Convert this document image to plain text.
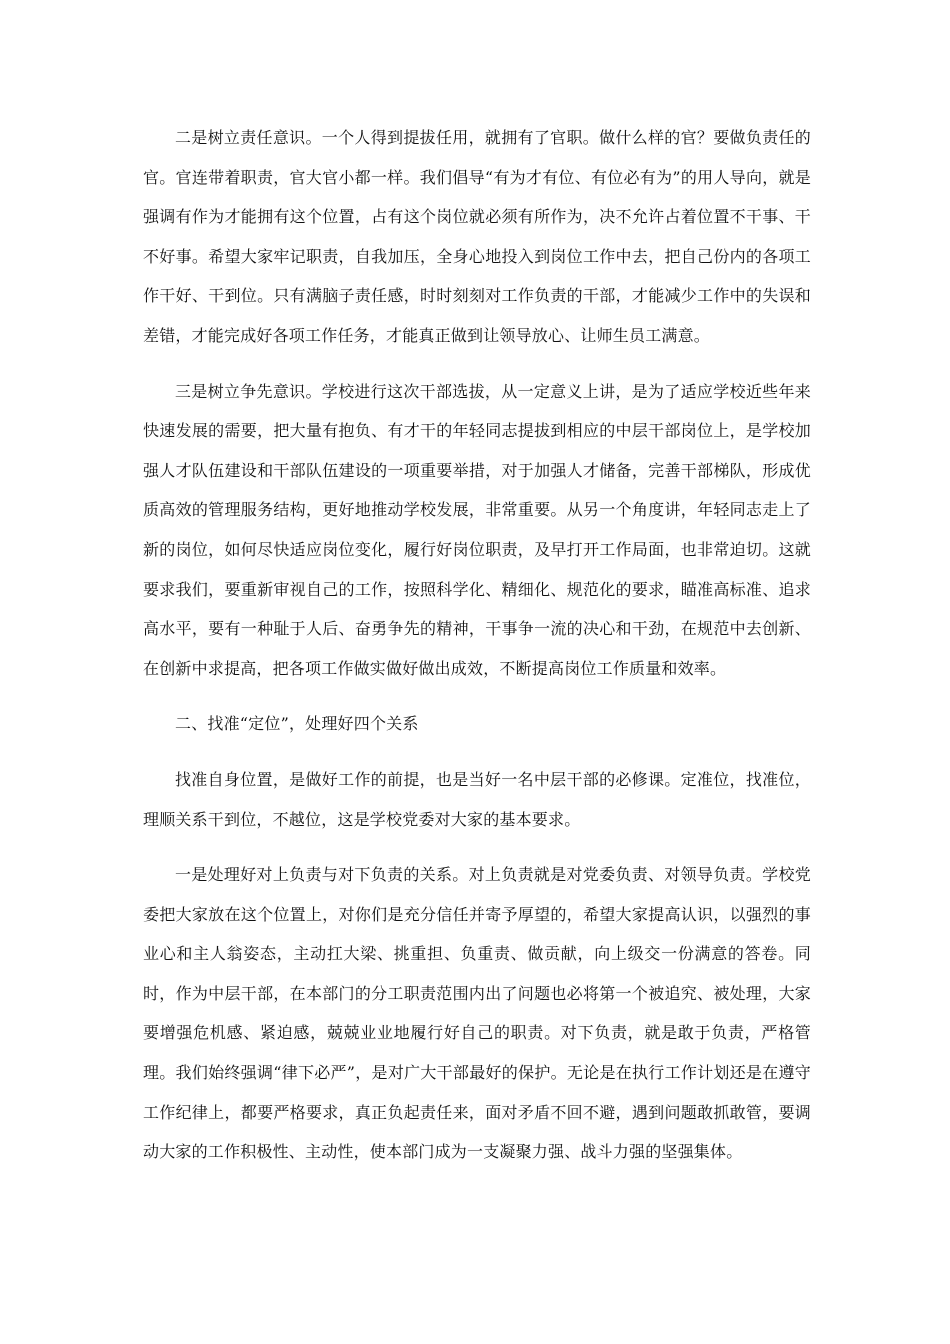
二是树立责任意识。一个人得到提拔任用，就拥有了官职。做什么样的官？要做负责任的官。官连带着职责，官大官小都一样。我们倡导“有为才有位、有位必有为”的用人导向，就是强调有作为才能拥有这个位置，占有这个岗位就必须有所作为，决不允许占着位置不干事、干不好事。希望大家牢记职责，自我加压，全身心地投入到岗位工作中去，把自己份内的各项工作干好、干到位。只有满脑子责任感，时时刻刻对工作负责的干部，才能减少工作中的失误和差错，才能完成好各项工作任务，才能真正做到让领导放心、让师生员工满意。

三是树立争先意识。学校进行这次干部选拔，从一定意义上讲，是为了适应学校近些年来快速发展的需要，把大量有抱负、有才干的年轻同志提拔到相应的中层干部岗位上，是学校加强人才队伍建设和干部队伍建设的一项重要举措，对于加强人才储备，完善干部梯队，形成优质高效的管理服务结构，更好地推动学校发展，非常重要。从另一个角度讲，年轻同志走上了新的岗位，如何尽快适应岗位变化，履行好岗位职责，及早打开工作局面，也非常迫切。这就要求我们，要重新审视自己的工作，按照科学化、精细化、规范化的要求，瞄准高标准、追求高水平，要有一种耻于人后、奋勇争先的精神，干事争一流的决心和干劲，在规范中去创新、在创新中求提高，把各项工作做实做好做出成效，不断提高岗位工作质量和效率。

二、找准“定位”，处理好四个关系

找准自身位置，是做好工作的前提，也是当好一名中层干部的必修课。定准位，找准位，理顺关系干到位，不越位，这是学校党委对大家的基本要求。

一是处理好对上负责与对下负责的关系。对上负责就是对党委负责、对领导负责。学校党委把大家放在这个位置上，对你们是充分信任并寄予厚望的，希望大家提高认识，以强烈的事业心和主人翁姿态，主动扛大梁、挑重担、负重责、做贡献，向上级交一份满意的答卷。同时，作为中层干部，在本部门的分工职责范围内出了问题也必将第一个被追究、被处理，大家要增强危机感、紧迫感，兢兢业业地履行好自己的职责。对下负责，就是敢于负责，严格管理。我们始终强调“律下必严”，是对广大干部最好的保护。无论是在执行工作计划还是在遵守工作纪律上，都要严格要求，真正负起责任来，面对矛盾不回不避，遇到问题敢抓敢管，要调动大家的工作积极性、主动性，使本部门成为一支凝聚力强、战斗力强的坚强集体。
